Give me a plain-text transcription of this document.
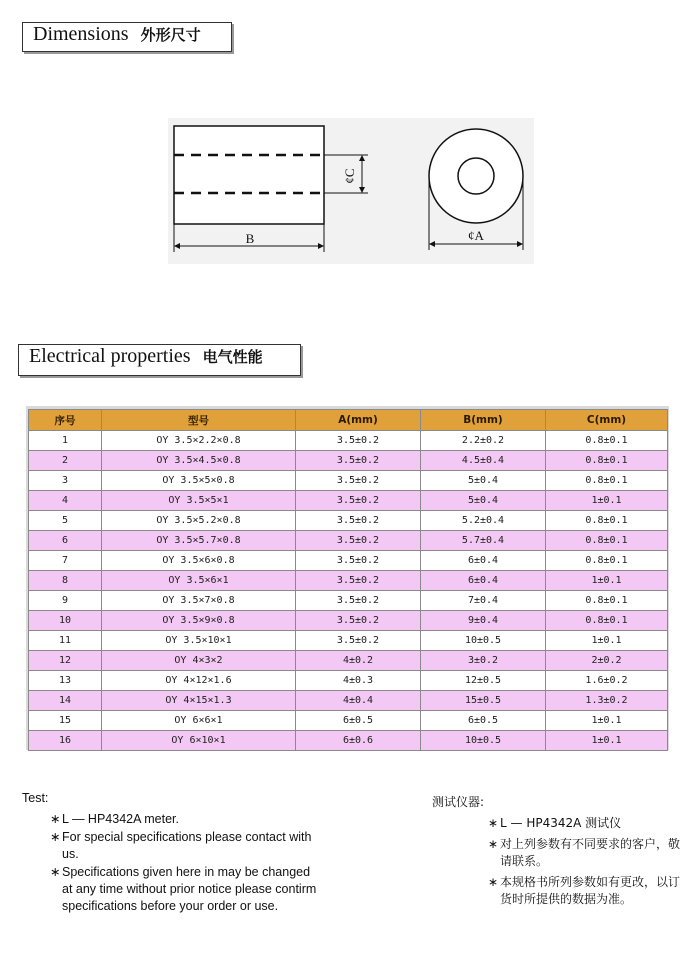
Dimensions 外形尺寸
¢C
B	¢A
Electrical properties 电气性能
序号	型号	A(mm)	B(mm)	C(mm)
1	OY 3.5×2.2×0.8	3.5±0.2	2.2±0.2	0.8±0.1
2	OY 3.5×4.5×0.8	3.5±0.2	4.5±0.4	0.8±0.1
3	OY 3.5×5×0.8	3.5±0.2	5±0.4	0.8±0.1
4	OY 3.5×5×1	3.5±0.2	5±0.4	1±0.1
5	OY 3.5×5.2×0.8	3.5±0.2	5.2±0.4	0.8±0.1
6	OY 3.5×5.7×0.8	3.5±0.2	5.7±0.4	0.8±0.1
7	OY 3.5×6×0.8	3.5±0.2	6±0.4	0.8±0.1
8	OY 3.5×6×1	3.5±0.2	6±0.4	1±0.1
9	OY 3.5×7×0.8	3.5±0.2	7±0.4	0.8±0.1
10	OY 3.5×9×0.8	3.5±0.2	9±0.4	0.8±0.1
11	OY 3.5×10×1	3.5±0.2	10±0.5	1±0.1
12	OY 4×3×2	4±0.2	3±0.2	2±0.2
13	OY 4×12×1.6	4±0.3	12±0.5	1.6±0.2
14	OY 4×15×1.3	4±0.4	15±0.5	1.3±0.2
15	OY 6×6×1	6±0.5	6±0.5	1±0.1
16	OY 6×10×1	6±0.6	10±0.5	1±0.1
Test:
∗ L — HP4342A meter.
∗ For special specifications please contact with us.
∗ Specifications given here in may be changed at any time without prior notice please contirm specifications before your order or use.
测试仪器:
∗ L — HP4342A 测试仪
∗ 对上列参数有不同要求的客户，敬请联系。
∗ 本规格书所列参数如有更改，以订货时所提供的数据为准。
